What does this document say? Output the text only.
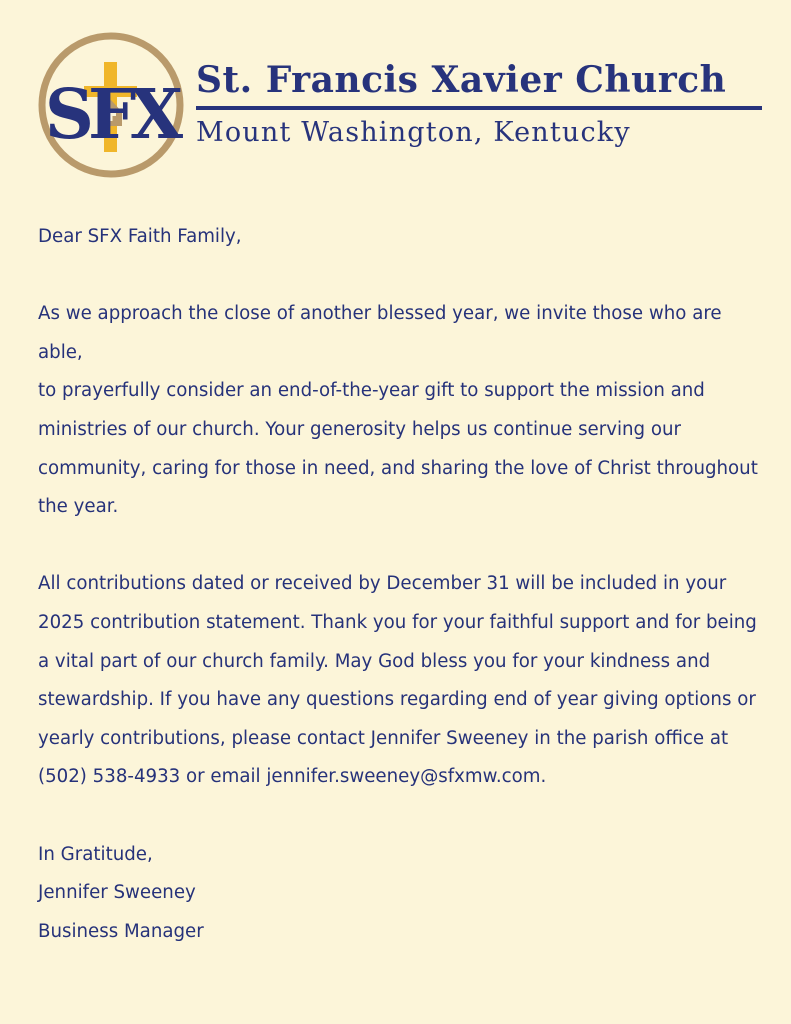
SFX St. Francis Xavier Church
Mount Washington, Kentucky

Dear SFX Faith Family,

As we approach the close of another blessed year, we invite those who are able,

to prayerfully consider an end-of-the-year gift to support the mission and

ministries of our church. Your generosity helps us continue serving our

community, caring for those in need, and sharing the love of Christ throughout

the year.

All contributions dated or received by December 31 will be included in your

2025 contribution statement. Thank you for your faithful support and for being

a vital part of our church family. May God bless you for your kindness and

stewardship. If you have any questions regarding end of year giving options or

yearly contributions, please contact Jennifer Sweeney in the parish office at

(502) 538-4933 or email jennifer.sweeney@sfxmw.com.

In Gratitude,

Jennifer Sweeney

Business Manager
